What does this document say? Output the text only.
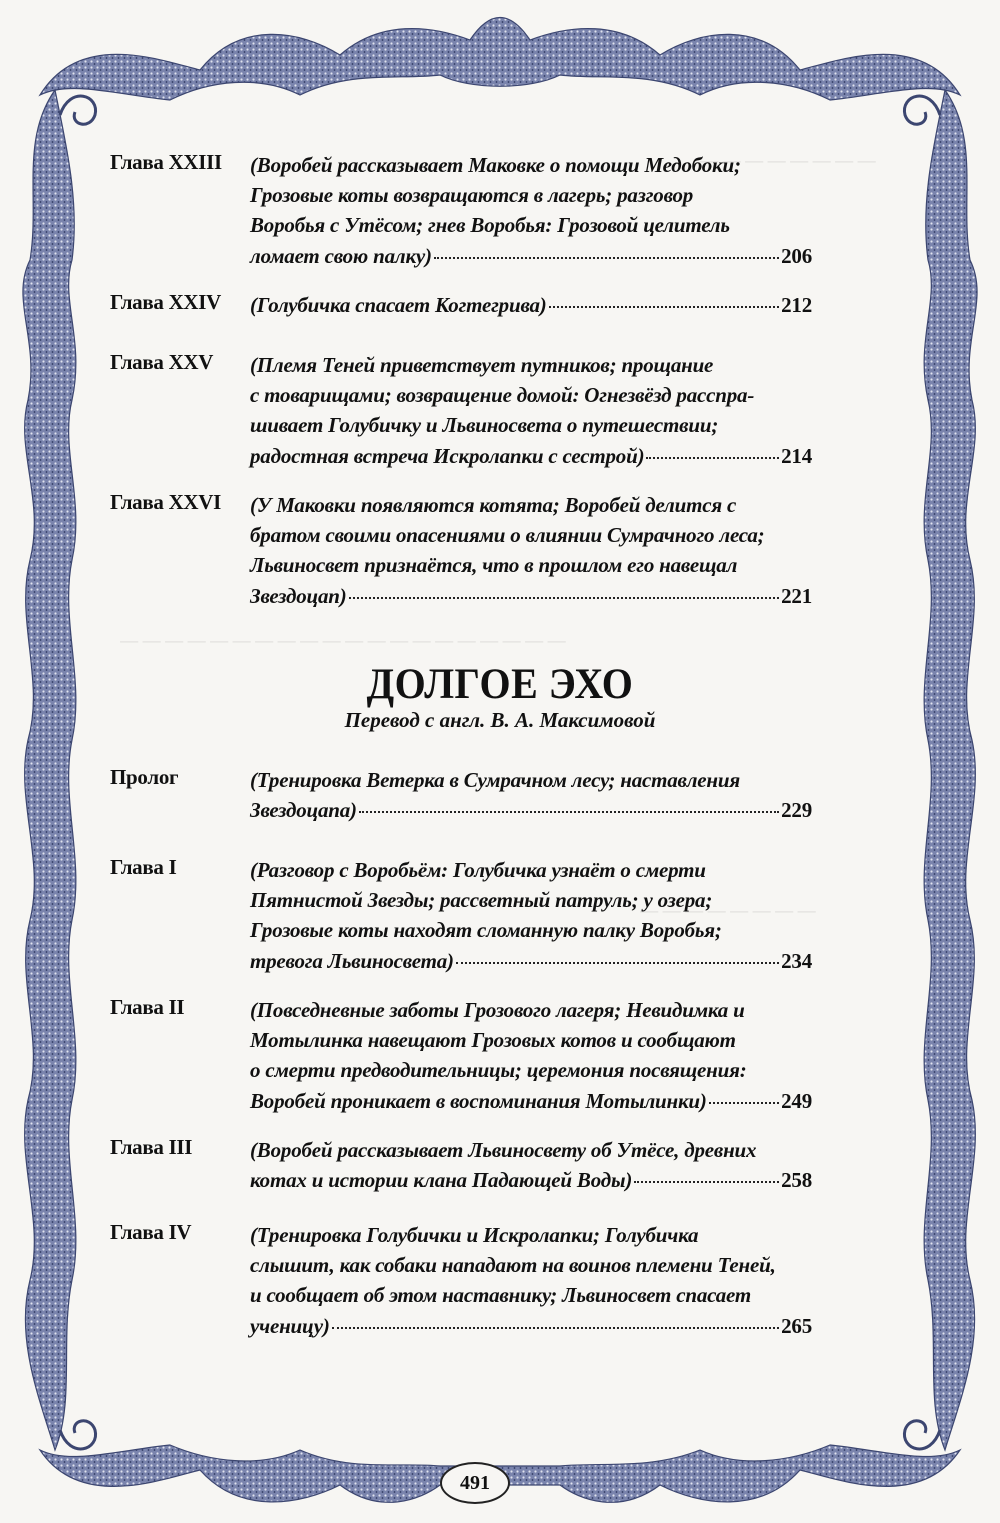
— — — — — — — —
— — — — — — — — — — — — — — — — — — — —
— — — — — — — —
Глава XXIII (Воробей рассказывает Маковке о помощи Медобоки;
Грозовые коты возвращаются в лагерь; разговор
Воробья с Утёсом; гнев Воробья: Грозовой целитель
ломает свою палку)	206
Глава XXIV (Голубичка спасает Когтегрива)	212
Глава XXV (Племя Теней приветствует путников; прощание
с товарищами; возвращение домой: Огнезвёзд расспра-
шивает Голубичку и Львиносвета о путешествии;
радостная встреча Искролапки с сестрой)	214
Глава XXVI (У Маковки появляются котята; Воробей делится с
братом своими опасениями о влиянии Сумрачного леса;
Львиносвет признаётся, что в прошлом его навещал
Звездоцап)	221
Пролог	(Тренировка Ветерка в Сумрачном лесу; наставления
Звездоцапа)	229
Глава I	(Разговор с Воробьём: Голубичка узнаёт о смерти
Пятнистой Звезды; рассветный патруль; у озера;
Грозовые коты находят сломанную палку Воробья;
тревога Львиносвета)	234
Глава II	(Повседневные заботы Грозового лагеря; Невидимка и
Мотылинка навещают Грозовых котов и сообщают
о смерти предводительницы; церемония посвящения:
Воробей проникает в воспоминания Мотылинки)	249
Глава III	(Воробей рассказывает Львиносвету об Утёсе, древних
котах и истории клана Падающей Воды)	258
Глава IV	(Тренировка Голубички и Искролапки; Голубичка
слышит, как собаки нападают на воинов племени Теней,
и сообщает об этом наставнику; Львиносвет спасает
ученицу)	265
ДОЛГОЕ ЭХО
Перевод с англ. В. А. Максимовой
491
